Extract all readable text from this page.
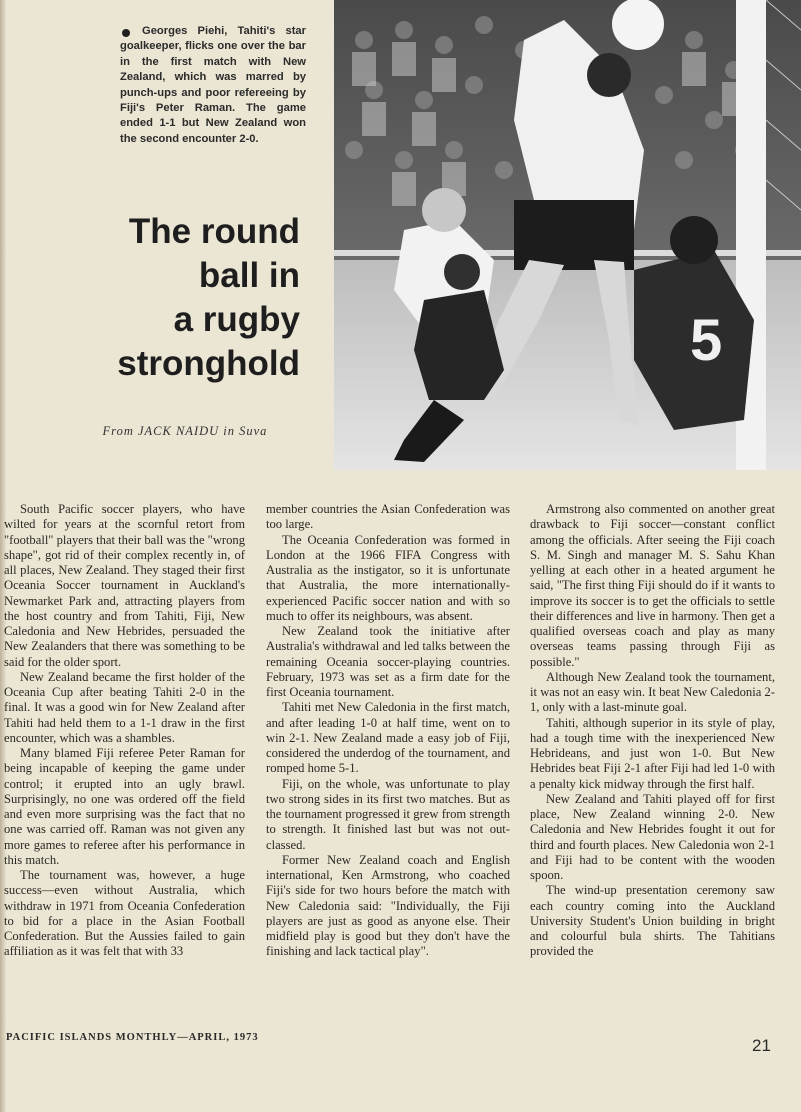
Georges Piehi, Tahiti's star goalkeeper, flicks one over the bar in the first match with New Zealand, which was marred by punch-ups and poor refereeing by Fiji's Peter Raman. The game ended 1-1 but New Zealand won the second encounter 2-0.
The round
ball in
a rugby
stronghold
From JACK NAIDU in Suva
5

South Pacific soccer players, who have wilted for years at the scornful retort from "football" players that their ball was the "wrong shape", got rid of their complex recently in, of all places, New Zealand. They staged their first Oceania Soccer tournament in Auckland's Newmarket Park and, attracting players from the host country and from Tahiti, Fiji, New Caledonia and New Hebrides, persuaded the New Zealanders that there was something to be said for the older sport.

New Zealand became the first holder of the Oceania Cup after beating Tahiti 2-0 in the final. It was a good win for New Zealand after Tahiti had held them to a 1-1 draw in the first encounter, which was a shambles.

Many blamed Fiji referee Peter Raman for being incapable of keeping the game under control; it erupted into an ugly brawl. Surprisingly, no one was ordered off the field and even more surprising was the fact that no one was carried off. Raman was not given any more games to referee after his performance in this match.

The tournament was, however, a huge success—even without Australia, which withdraw in 1971 from Oceania Confederation to bid for a place in the Asian Football Confederation. But the Aussies failed to gain affiliation as it was felt that with 33

member countries the Asian Confederation was too large.

The Oceania Confederation was formed in London at the 1966 FIFA Congress with Australia as the instigator, so it is unfortunate that Australia, the more internationally-experienced Pacific soccer nation and with so much to offer its neighbours, was absent.

New Zealand took the initiative after Australia's withdrawal and led talks between the remaining Oceania soccer-playing countries. February, 1973 was set as a firm date for the first Oceania tournament.

Tahiti met New Caledonia in the first match, and after leading 1-0 at half time, went on to win 2-1. New Zealand made a easy job of Fiji, considered the underdog of the tournament, and romped home 5-1.

Fiji, on the whole, was unfortunate to play two strong sides in its first two matches. But as the tournament progressed it grew from strength to strength. It finished last but was not out-classed.

Former New Zealand coach and English international, Ken Armstrong, who coached Fiji's side for two hours before the match with New Caledonia said: "Individually, the Fiji players are just as good as anyone else. Their midfield play is good but they don't have the finishing and lack tactical play".

Armstrong also commented on another great drawback to Fiji soccer—constant conflict among the officials. After seeing the Fiji coach S. M. Singh and manager M. S. Sahu Khan yelling at each other in a heated argument he said, "The first thing Fiji should do if it wants to improve its soccer is to get the officials to settle their differences and live in harmony. Then get a qualified overseas coach and play as many overseas teams passing through Fiji as possible."

Although New Zealand took the tournament, it was not an easy win. It beat New Caledonia 2-1, only with a last-minute goal.

Tahiti, although superior in its style of play, had a tough time with the inexperienced New Hebrideans, and just won 1-0. But New Hebrides beat Fiji 2-1 after Fiji had led 1-0 with a penalty kick midway through the first half.

New Zealand and Tahiti played off for first place, New Zealand winning 2-0. New Caledonia and New Hebrides fought it out for third and fourth places. New Caledonia won 2-1 and Fiji had to be content with the wooden spoon.

The wind-up presentation ceremony saw each country coming into the Auckland University Student's Union building in bright and colourful bula shirts. The Tahitians provided the

PACIFIC ISLANDS MONTHLY—APRIL, 1973	21
